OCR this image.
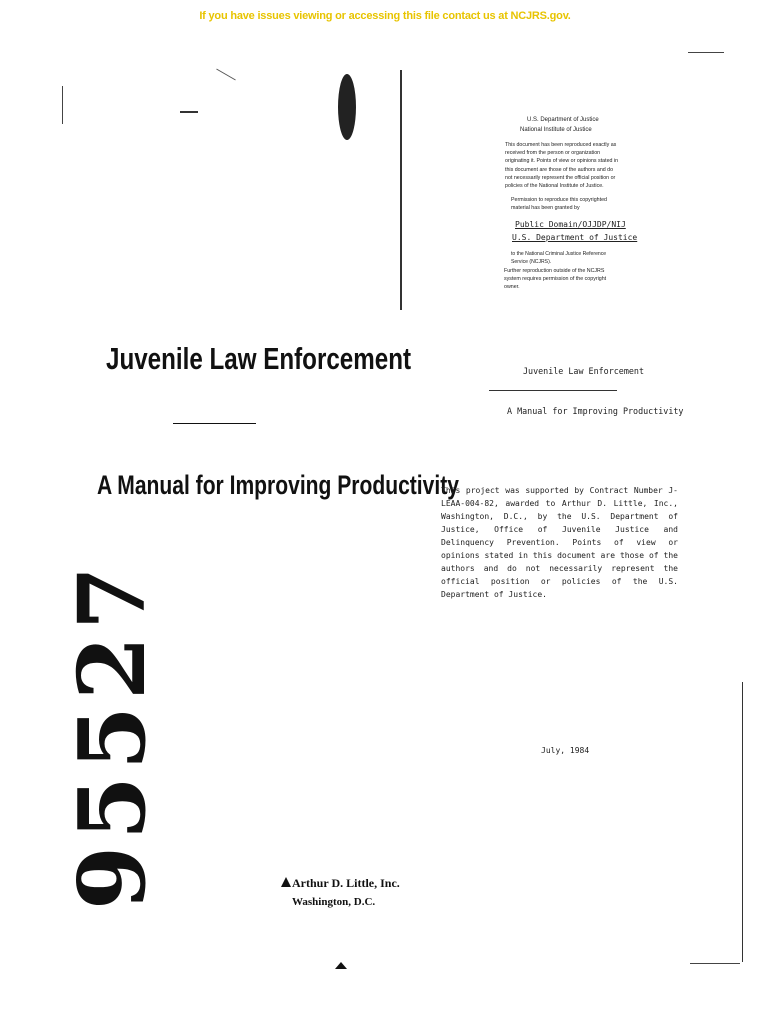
If you have issues viewing or accessing this file contact us at NCJRS.gov.
Juvenile Law Enforcement
A Manual for Improving Productivity
95527	Arthur D. Little, Inc.
Washington, D.C.
U.S. Department of Justice
National Institute of Justice
This document has been reproduced exactly as received from the person or organization originating it. Points of view or opinions stated in this document are those of the authors and do not necessarily represent the official position or policies of the National Institute of Justice.
Permission to reproduce this copyrighted material has been granted by
Public Domain/OJJDP/NIJ
U.S. Department of Justice
to the National Criminal Justice Reference Service (NCJRS).
Further reproduction outside of the NCJRS system requires permission of the copyright owner.
Juvenile Law Enforcement
A Manual for Improving Productivity
This project was supported by Contract Number J-LEAA-004-82, awarded to Arthur D. Little, Inc., Washington, D.C., by the U.S. Department of Justice, Office of Juvenile Justice and Delinquency Prevention. Points of view or opinions stated in this document are those of the authors and do not necessarily represent the official position or policies of the U.S. Department of Justice.
July, 1984
